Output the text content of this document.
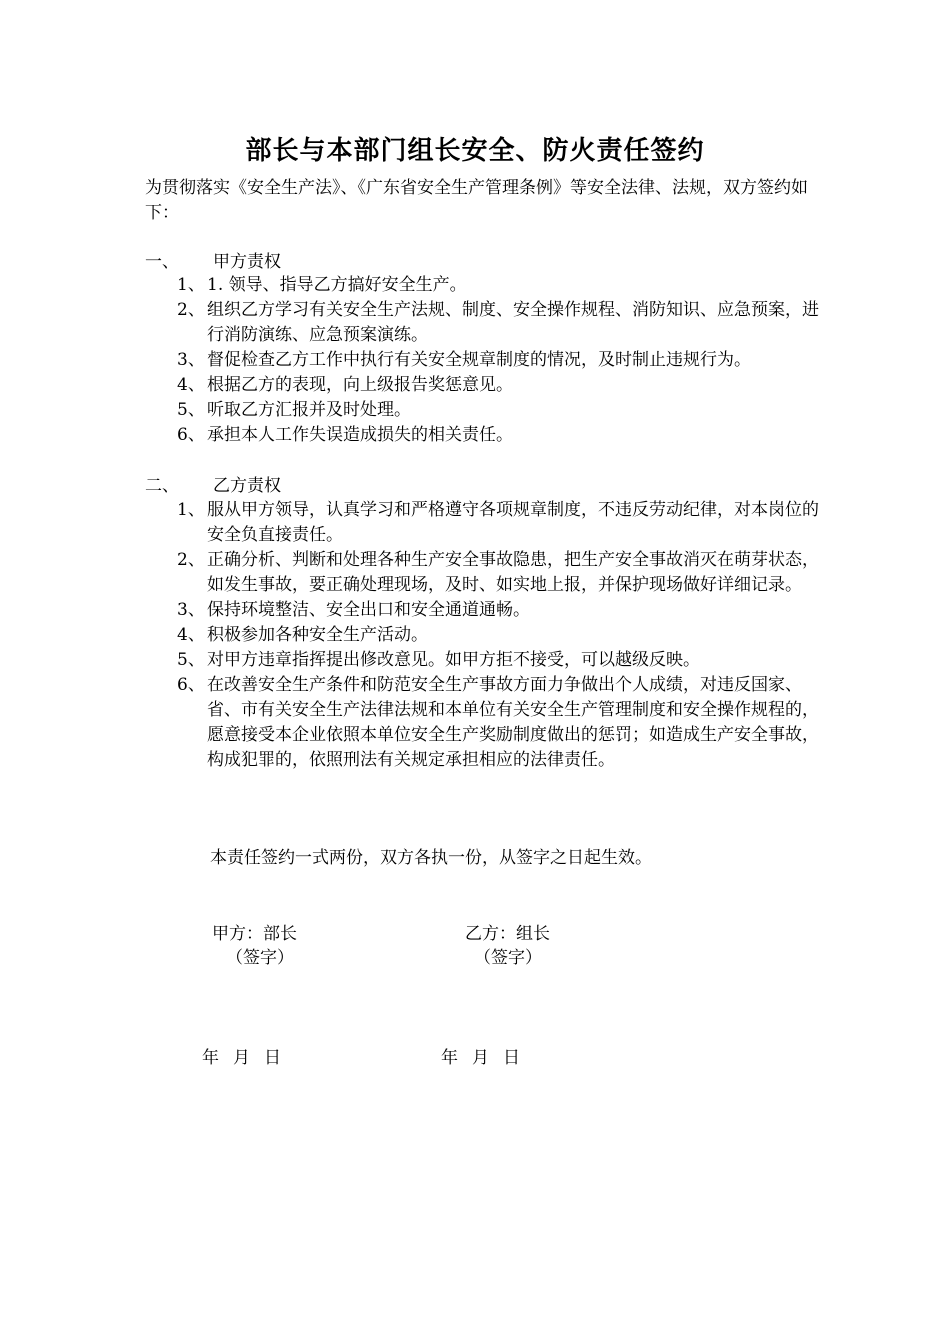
部长与本部门组长安全、防火责任签约
为贯彻落实《安全生产法》、《广东省安全生产管理条例》等安全法律、法规，双方签约如下：
一、 甲方责权
1、 1. 领导、指导乙方搞好安全生产。
2、 组织乙方学习有关安全生产法规、制度、安全操作规程、消防知识、应急预案，进行消防演练、应急预案演练。
3、 督促检查乙方工作中执行有关安全规章制度的情况，及时制止违规行为。
4、 根据乙方的表现，向上级报告奖惩意见。
5、 听取乙方汇报并及时处理。
6、 承担本人工作失误造成损失的相关责任。
二、 乙方责权
1、 服从甲方领导，认真学习和严格遵守各项规章制度，不违反劳动纪律，对本岗位的安全负直接责任。
2、 正确分析、判断和处理各种生产安全事故隐患，把生产安全事故消灭在萌芽状态，如发生事故，要正确处理现场，及时、如实地上报，并保护现场做好详细记录。
3、 保持环境整洁、安全出口和安全通道通畅。
4、 积极参加各种安全生产活动。
5、 对甲方违章指挥提出修改意见。如甲方拒不接受，可以越级反映。
6、 在改善安全生产条件和防范安全生产事故方面力争做出个人成绩，对违反国家、省、市有关安全生产法律法规和本单位有关安全生产管理制度和安全操作规程的，愿意接受本企业依照本单位安全生产奖励制度做出的惩罚；如造成生产安全事故，构成犯罪的，依照刑法有关规定承担相应的法律责任。
本责任签约一式两份，双方各执一份，从签字之日起生效。
甲方：部长
（签字）
乙方：组长
（签字）
年 月 日	年 月 日
